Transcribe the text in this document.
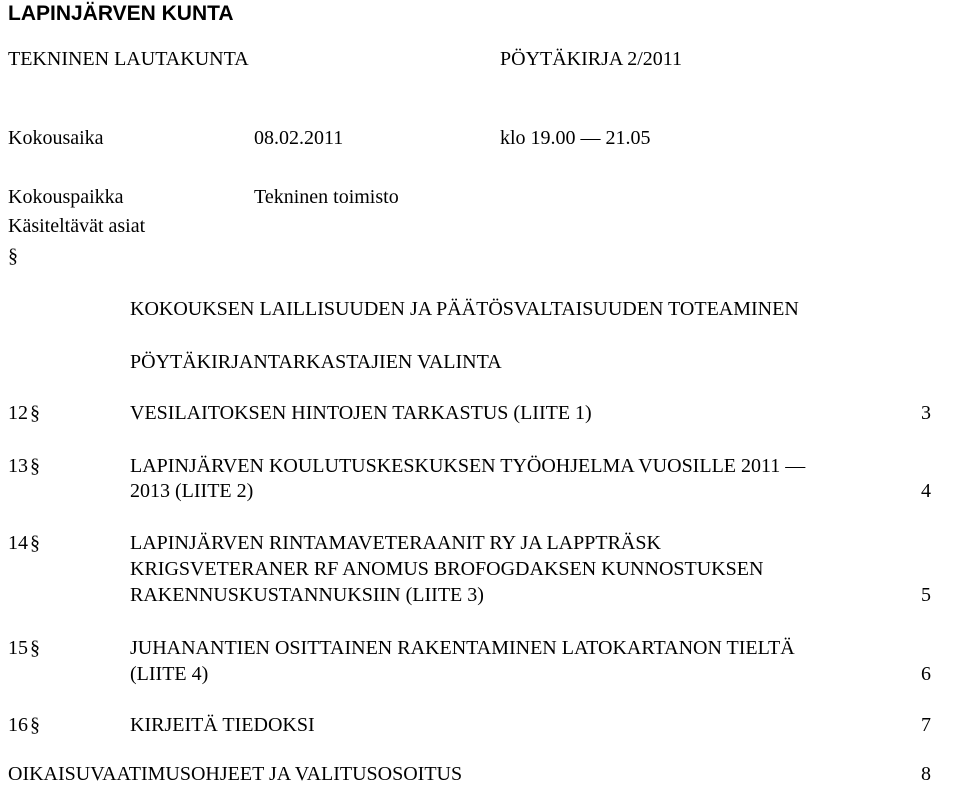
LAPINJÄRVEN KUNTA
TEKNINEN LAUTAKUNTA	PÖYTÄKIRJA 2/2011
Kokousaika	08.02.2011	klo 19.00 — 21.05
Kokouspaikka	Tekninen toimisto
Käsiteltävät asiat
§
KOKOUKSEN LAILLISUUDEN JA PÄÄTÖSVALTAISUUDEN TOTEAMINEN
PÖYTÄKIRJANTARKASTAJIEN VALINTA
12 §	VESILAITOKSEN HINTOJEN TARKASTUS (LIITE 1)	3
13 §	LAPINJÄRVEN KOULUTUSKESKUKSEN TYÖOHJELMA VUOSILLE 2011 —
2013 (LIITE 2)	4
14 §	LAPINJÄRVEN RINTAMAVETERAANIT RY JA LAPPTRÄSK
KRIGSVETERANER RF ANOMUS BROFOGDAKSEN KUNNOSTUKSEN
RAKENNUSKUSTANNUKSIIN (LIITE 3)	5
15 §	JUHANANTIEN OSITTAINEN RAKENTAMINEN LATOKARTANON TIELTÄ
(LIITE 4)	6
16 §	KIRJEITÄ TIEDOKSI	7
OIKAISUVAATIMUSOHJEET JA VALITUSOSOITUS	8
